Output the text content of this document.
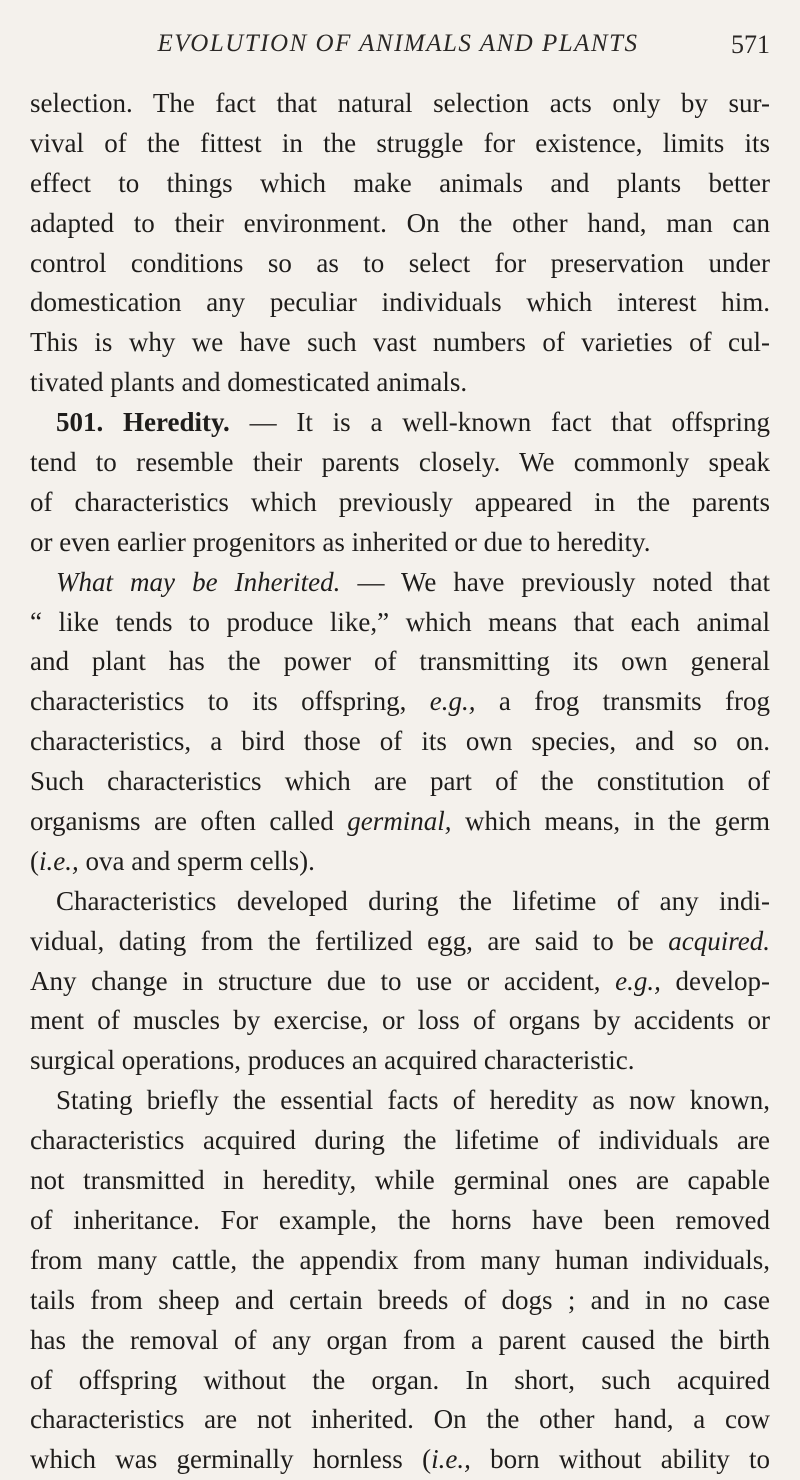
EVOLUTION OF ANIMALS AND PLANTS	571
selection. The fact that natural selection acts only by sur-
vival of the fittest in the struggle for existence, limits its
effect to things which make animals and plants better
adapted to their environment. On the other hand, man can
control conditions so as to select for preservation under
domestication any peculiar individuals which interest him.
This is why we have such vast numbers of varieties of cul-
tivated plants and domesticated animals.
501. Heredity. — It is a well-known fact that offspring
tend to resemble their parents closely. We commonly speak
of characteristics which previously appeared in the parents
or even earlier progenitors as inherited or due to heredity.
What may be Inherited. — We have previously noted that
“ like tends to produce like,” which means that each animal
and plant has the power of transmitting its own general
characteristics to its offspring, e.g., a frog transmits frog
characteristics, a bird those of its own species, and so on.
Such characteristics which are part of the constitution of
organisms are often called germinal, which means, in the germ
(i.e., ova and sperm cells).
Characteristics developed during the lifetime of any indi-
vidual, dating from the fertilized egg, are said to be acquired.
Any change in structure due to use or accident, e.g., develop-
ment of muscles by exercise, or loss of organs by accidents or
surgical operations, produces an acquired characteristic.
Stating briefly the essential facts of heredity as now known,
characteristics acquired during the lifetime of individuals are
not transmitted in heredity, while germinal ones are capable
of inheritance. For example, the horns have been removed
from many cattle, the appendix from many human individuals,
tails from sheep and certain breeds of dogs ; and in no case
has the removal of any organ from a parent caused the birth
of offspring without the organ. In short, such acquired
characteristics are not inherited. On the other hand, a cow
which was germinally hornless (i.e., born without ability to
